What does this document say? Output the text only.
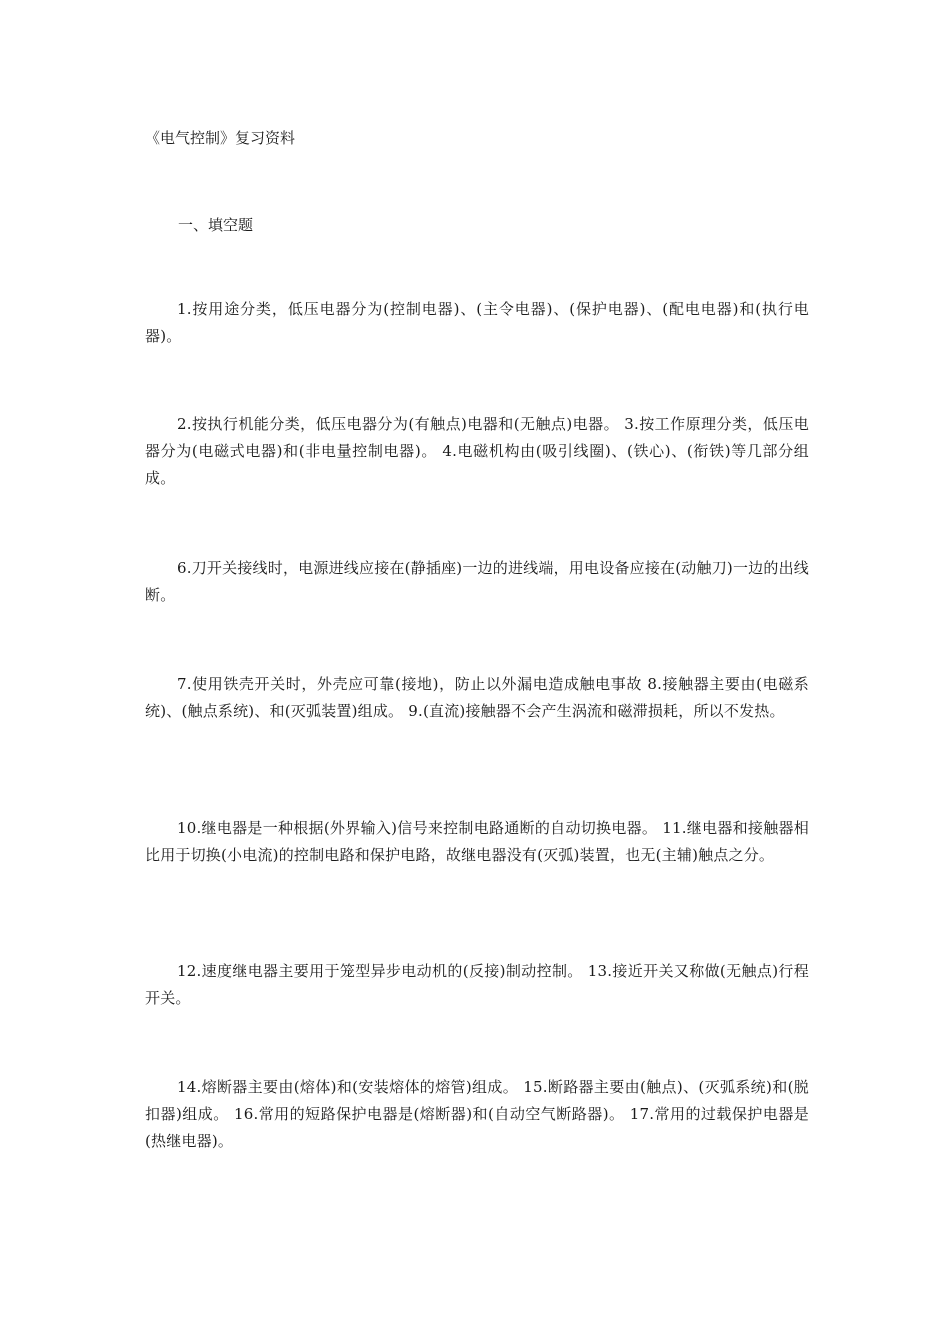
《电气控制》复习资料
一、填空题

1.按用途分类，低压电器分为(控制电器)、(主令电器)、(保护电器)、(配电电器)和(执行电器)。

2.按执行机能分类，低压电器分为(有触点)电器和(无触点)电器。 3.按工作原理分类，低压电器分为(电磁式电器)和(非电量控制电器)。 4.电磁机构由(吸引线圈)、(铁心)、(衔铁)等几部分组成。

6.刀开关接线时，电源进线应接在(静插座)一边的进线端，用电设备应接在(动触刀)一边的出线断。

7.使用铁壳开关时，外壳应可靠(接地)，防止以外漏电造成触电事故 8.接触器主要由(电磁系统)、(触点系统)、和(灭弧装置)组成。 9.(直流)接触器不会产生涡流和磁滞损耗，所以不发热。

10.继电器是一种根据(外界输入)信号来控制电路通断的自动切换电器。 11.继电器和接触器相比用于切换(小电流)的控制电路和保护电路，故继电器没有(灭弧)装置，也无(主辅)触点之分。

12.速度继电器主要用于笼型异步电动机的(反接)制动控制。 13.接近开关又称做(无触点)行程开关。

14.熔断器主要由(熔体)和(安装熔体的熔管)组成。 15.断路器主要由(触点)、(灭弧系统)和(脱扣器)组成。 16.常用的短路保护电器是(熔断器)和(自动空气断路器)。 17.常用的过载保护电器是(热继电器)。
